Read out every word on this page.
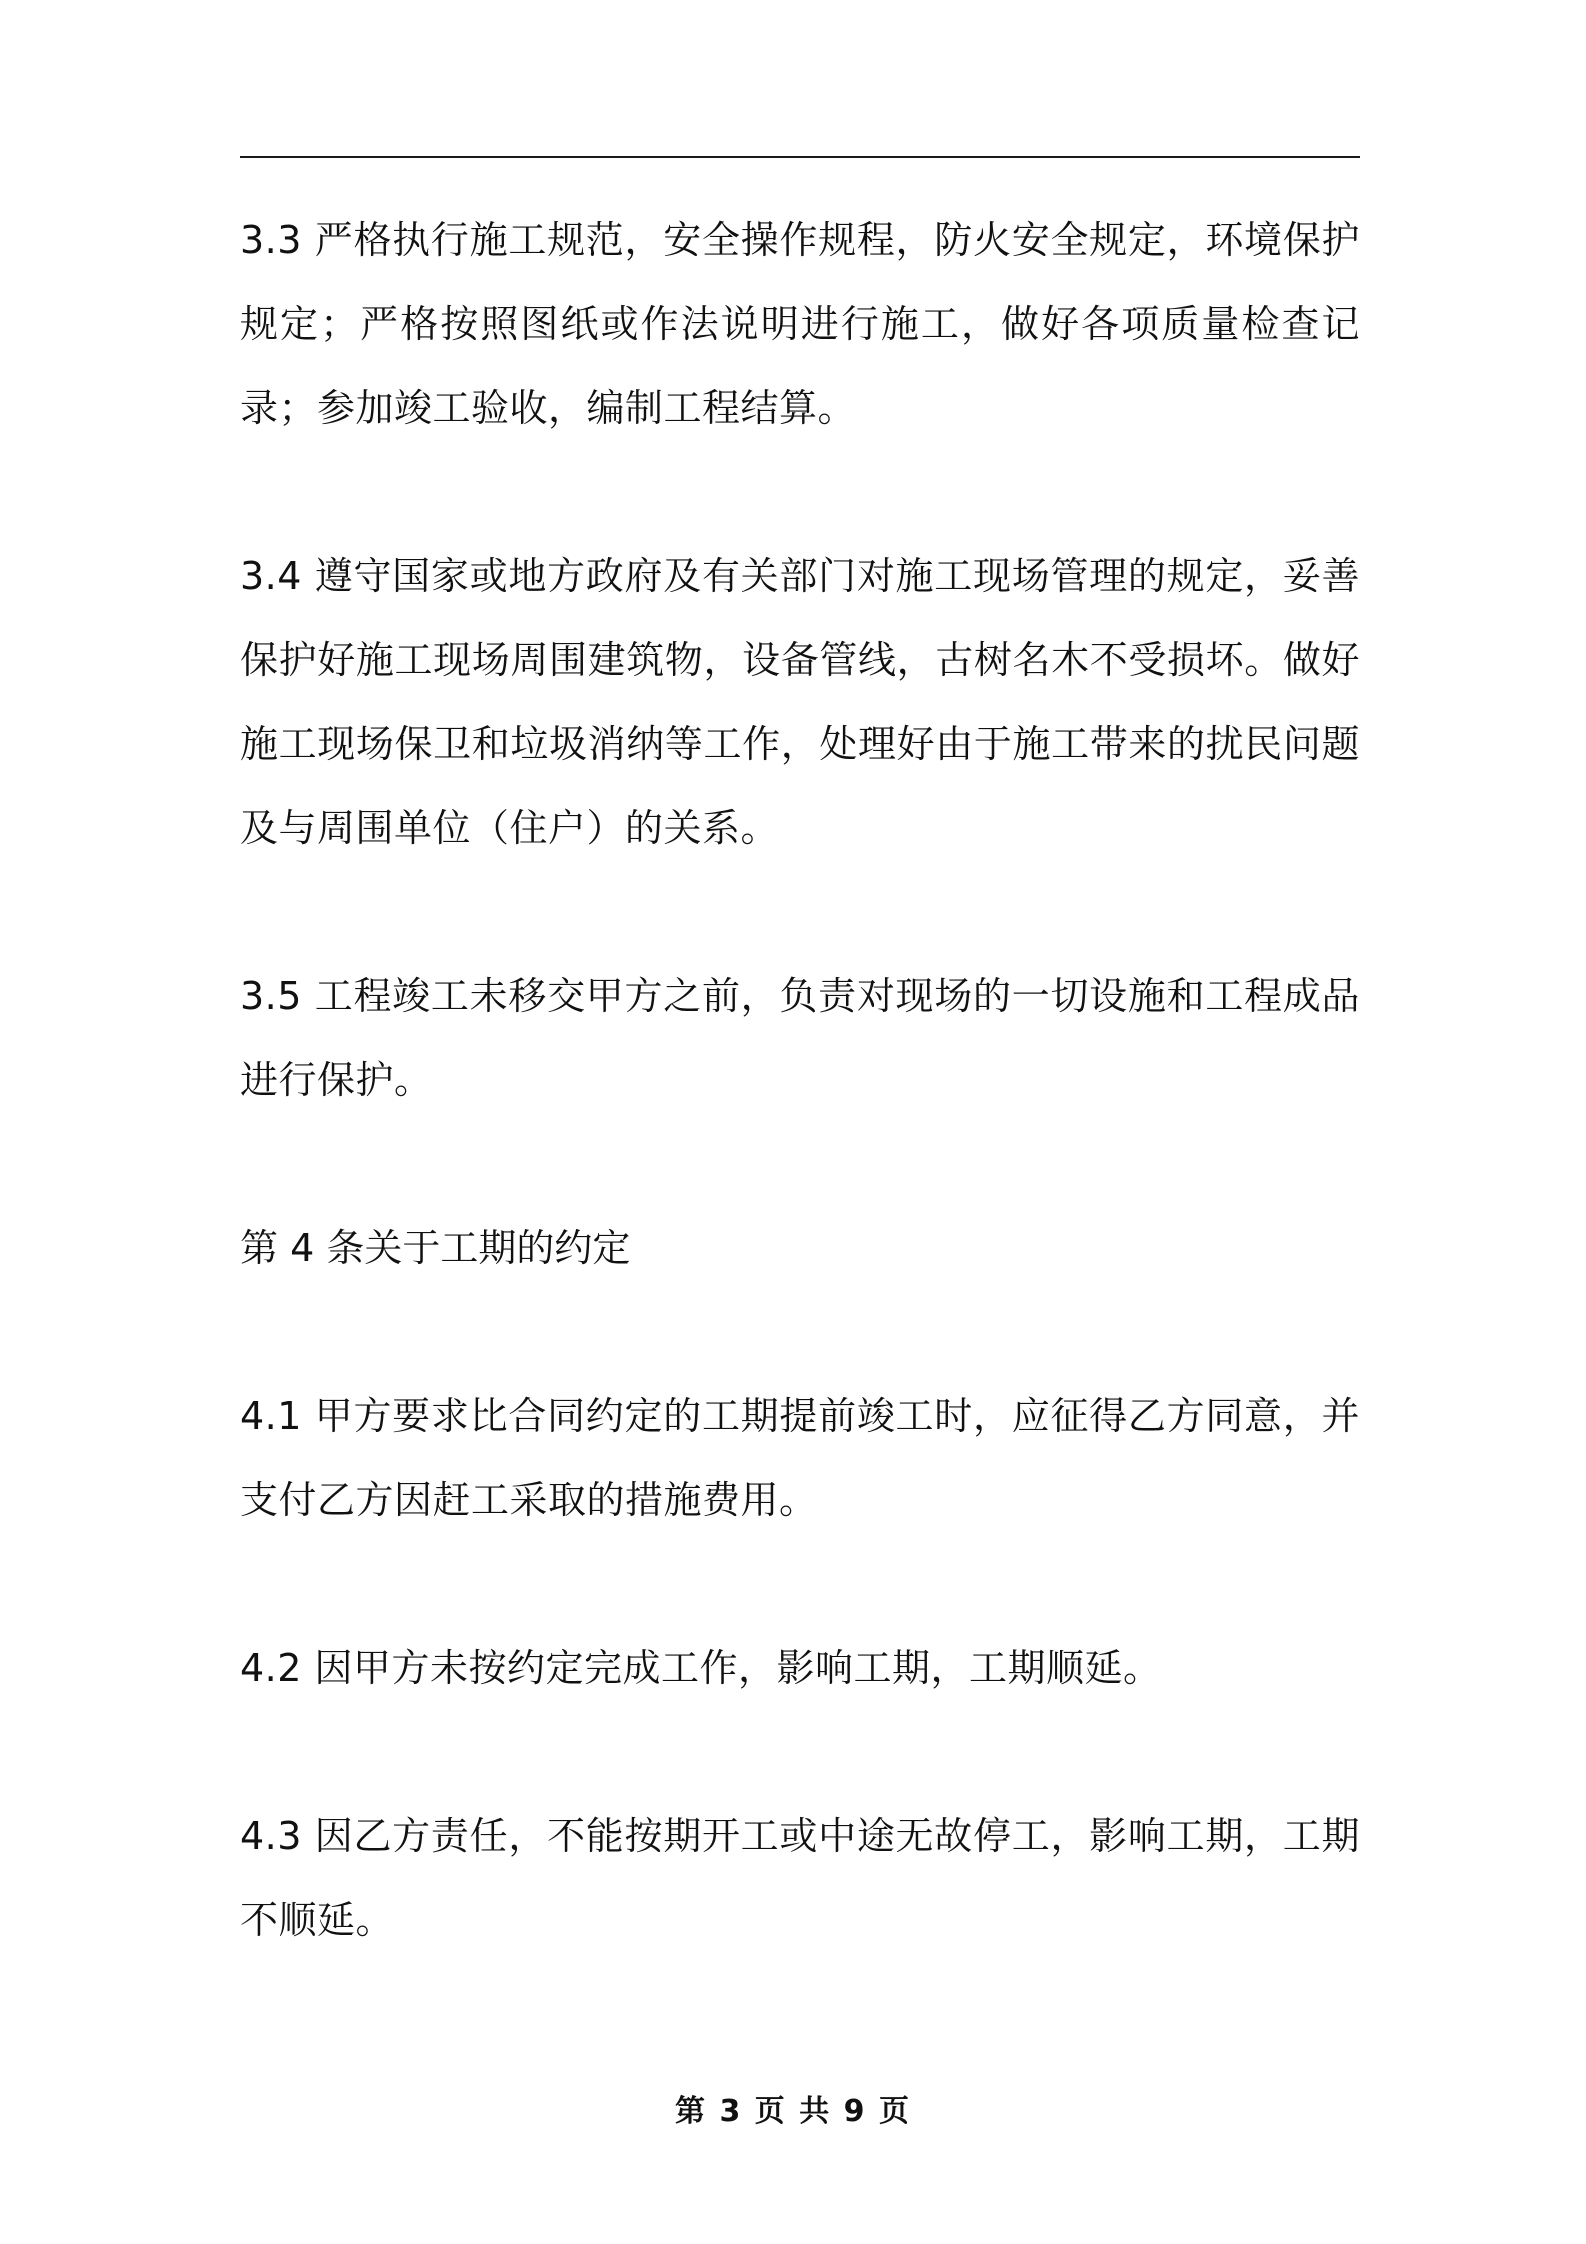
3.3 严格执行施工规范，安全操作规程，防火安全规定，环境保护规定；严格按照图纸或作法说明进行施工，做好各项质量检查记录；参加竣工验收，编制工程结算。

3.4 遵守国家或地方政府及有关部门对施工现场管理的规定，妥善保护好施工现场周围建筑物，设备管线，古树名木不受损坏。做好施工现场保卫和垃圾消纳等工作，处理好由于施工带来的扰民问题及与周围单位（住户）的关系。

3.5 工程竣工未移交甲方之前，负责对现场的一切设施和工程成品进行保护。

第 4 条关于工期的约定

4.1 甲方要求比合同约定的工期提前竣工时，应征得乙方同意，并支付乙方因赶工采取的措施费用。

4.2 因甲方未按约定完成工作，影响工期，工期顺延。

4.3 因乙方责任，不能按期开工或中途无故停工，影响工期，工期不顺延。

第 3 页 共 9 页
